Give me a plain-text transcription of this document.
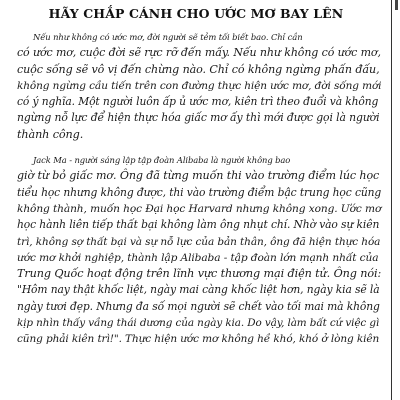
HÃY CHẮP CÁNH CHO ƯỚC MƠ BAY LÊN

Nếu như không có ước mơ, đời người sẽ tẻm tối biết bao. Chỉ cần
có ước mơ, cuộc đời sẽ rực rỡ đến mấy. Nếu như không có ước mơ,
cuộc sống sẽ vô vị đến chừng nào. Chỉ có không ngừng phấn đấu,
không ngừng cầu tiến trên con đường thực hiện ước mơ, đời sống mới
có ý nghĩa. Một người luôn ấp ủ ước mơ, kiên trì theo đuổi và không
ngừng nỗ lực để hiện thực hóa giấc mơ ấy thì mới được gọi là người
thành công.

Jack Ma - người sáng lập tập đoàn Alibaba là người không bao
giờ từ bỏ giấc mơ. Ông đã từng muốn thi vào trường điểm lúc học
tiểu học nhưng không được, thi vào trường điểm bậc trung học cũng
không thành, muốn học Đại học Harvard nhưng không xong. Ước mơ
học hành liên tiếp thất bại không làm ông nhụt chí. Nhờ vào sự kiên
trì, không sợ thất bại và sự nỗ lực của bản thân, ông đã hiện thực hóa
ước mơ khởi nghiệp, thành lập Alibaba - tập đoàn lớn mạnh nhất của
Trung Quốc hoạt động trên lĩnh vực thương mại điện tử. Ông nói:
"Hôm nay thật khốc liệt, ngày mai càng khốc liệt hơn, ngày kia sẽ là
ngày tươi đẹp. Nhưng đa số mọi người sẽ chết vào tối mai mà không
kịp nhìn thấy vầng thái dương của ngày kia. Do vậy, làm bất cứ việc gì
cũng phải kiên trì!". Thực hiện ước mơ không hề khó, khó ở lòng kiên
